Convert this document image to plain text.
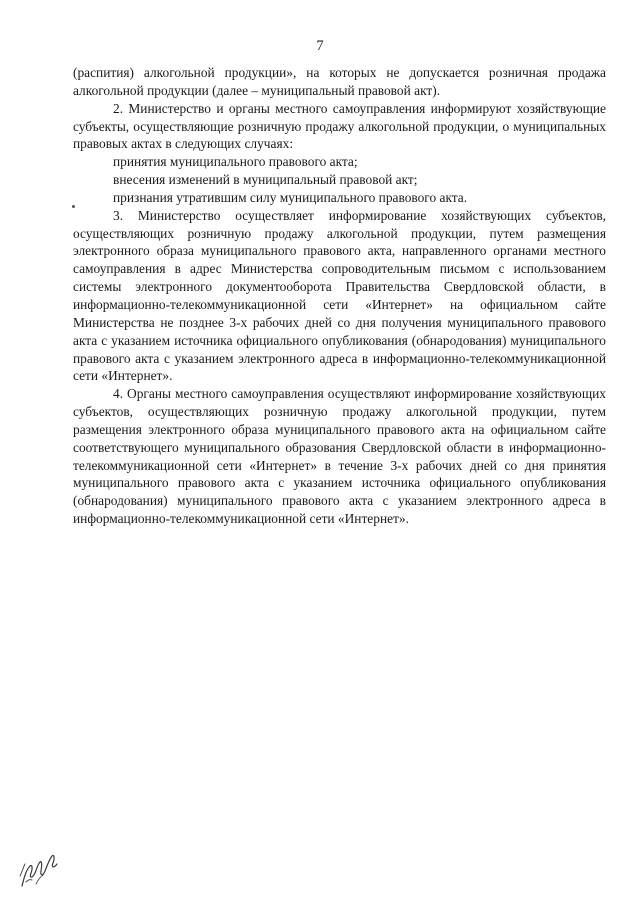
7

(распития) алкогольной продукции», на которых не допускается розничная продажа алкогольной продукции (далее – муниципальный правовой акт).

2. Министерство и органы местного самоуправления информируют хозяйствующие субъекты, осуществляющие розничную продажу алкогольной продукции, о муниципальных правовых актах в следующих случаях:

принятия муниципального правового акта;

внесения изменений в муниципальный правовой акт;

признания утратившим силу муниципального правового акта.

3. Министерство осуществляет информирование хозяйствующих субъектов, осуществляющих розничную продажу алкогольной продукции, путем размещения электронного образа муниципального правового акта, направленного органами местного самоуправления в адрес Министерства сопроводительным письмом с использованием системы электронного документооборота Правительства Свердловской области, в информационно-телекоммуникационной сети «Интернет» на официальном сайте Министерства не позднее 3-х рабочих дней со дня получения муниципального правового акта с указанием источника официального опубликования (обнародования) муниципального правового акта с указанием электронного адреса в информационно-телекоммуникационной сети «Интернет».

4. Органы местного самоуправления осуществляют информирование хозяйствующих субъектов, осуществляющих розничную продажу алкогольной продукции, путем размещения электронного образа муниципального правового акта на официальном сайте соответствующего муниципального образования Свердловской области в информационно-телекоммуникационной сети «Интернет» в течение 3-х рабочих дней со дня принятия муниципального правового акта с указанием источника официального опубликования (обнародования) муниципального правового акта с указанием электронного адреса в информационно-телекоммуникационной сети «Интернет».
